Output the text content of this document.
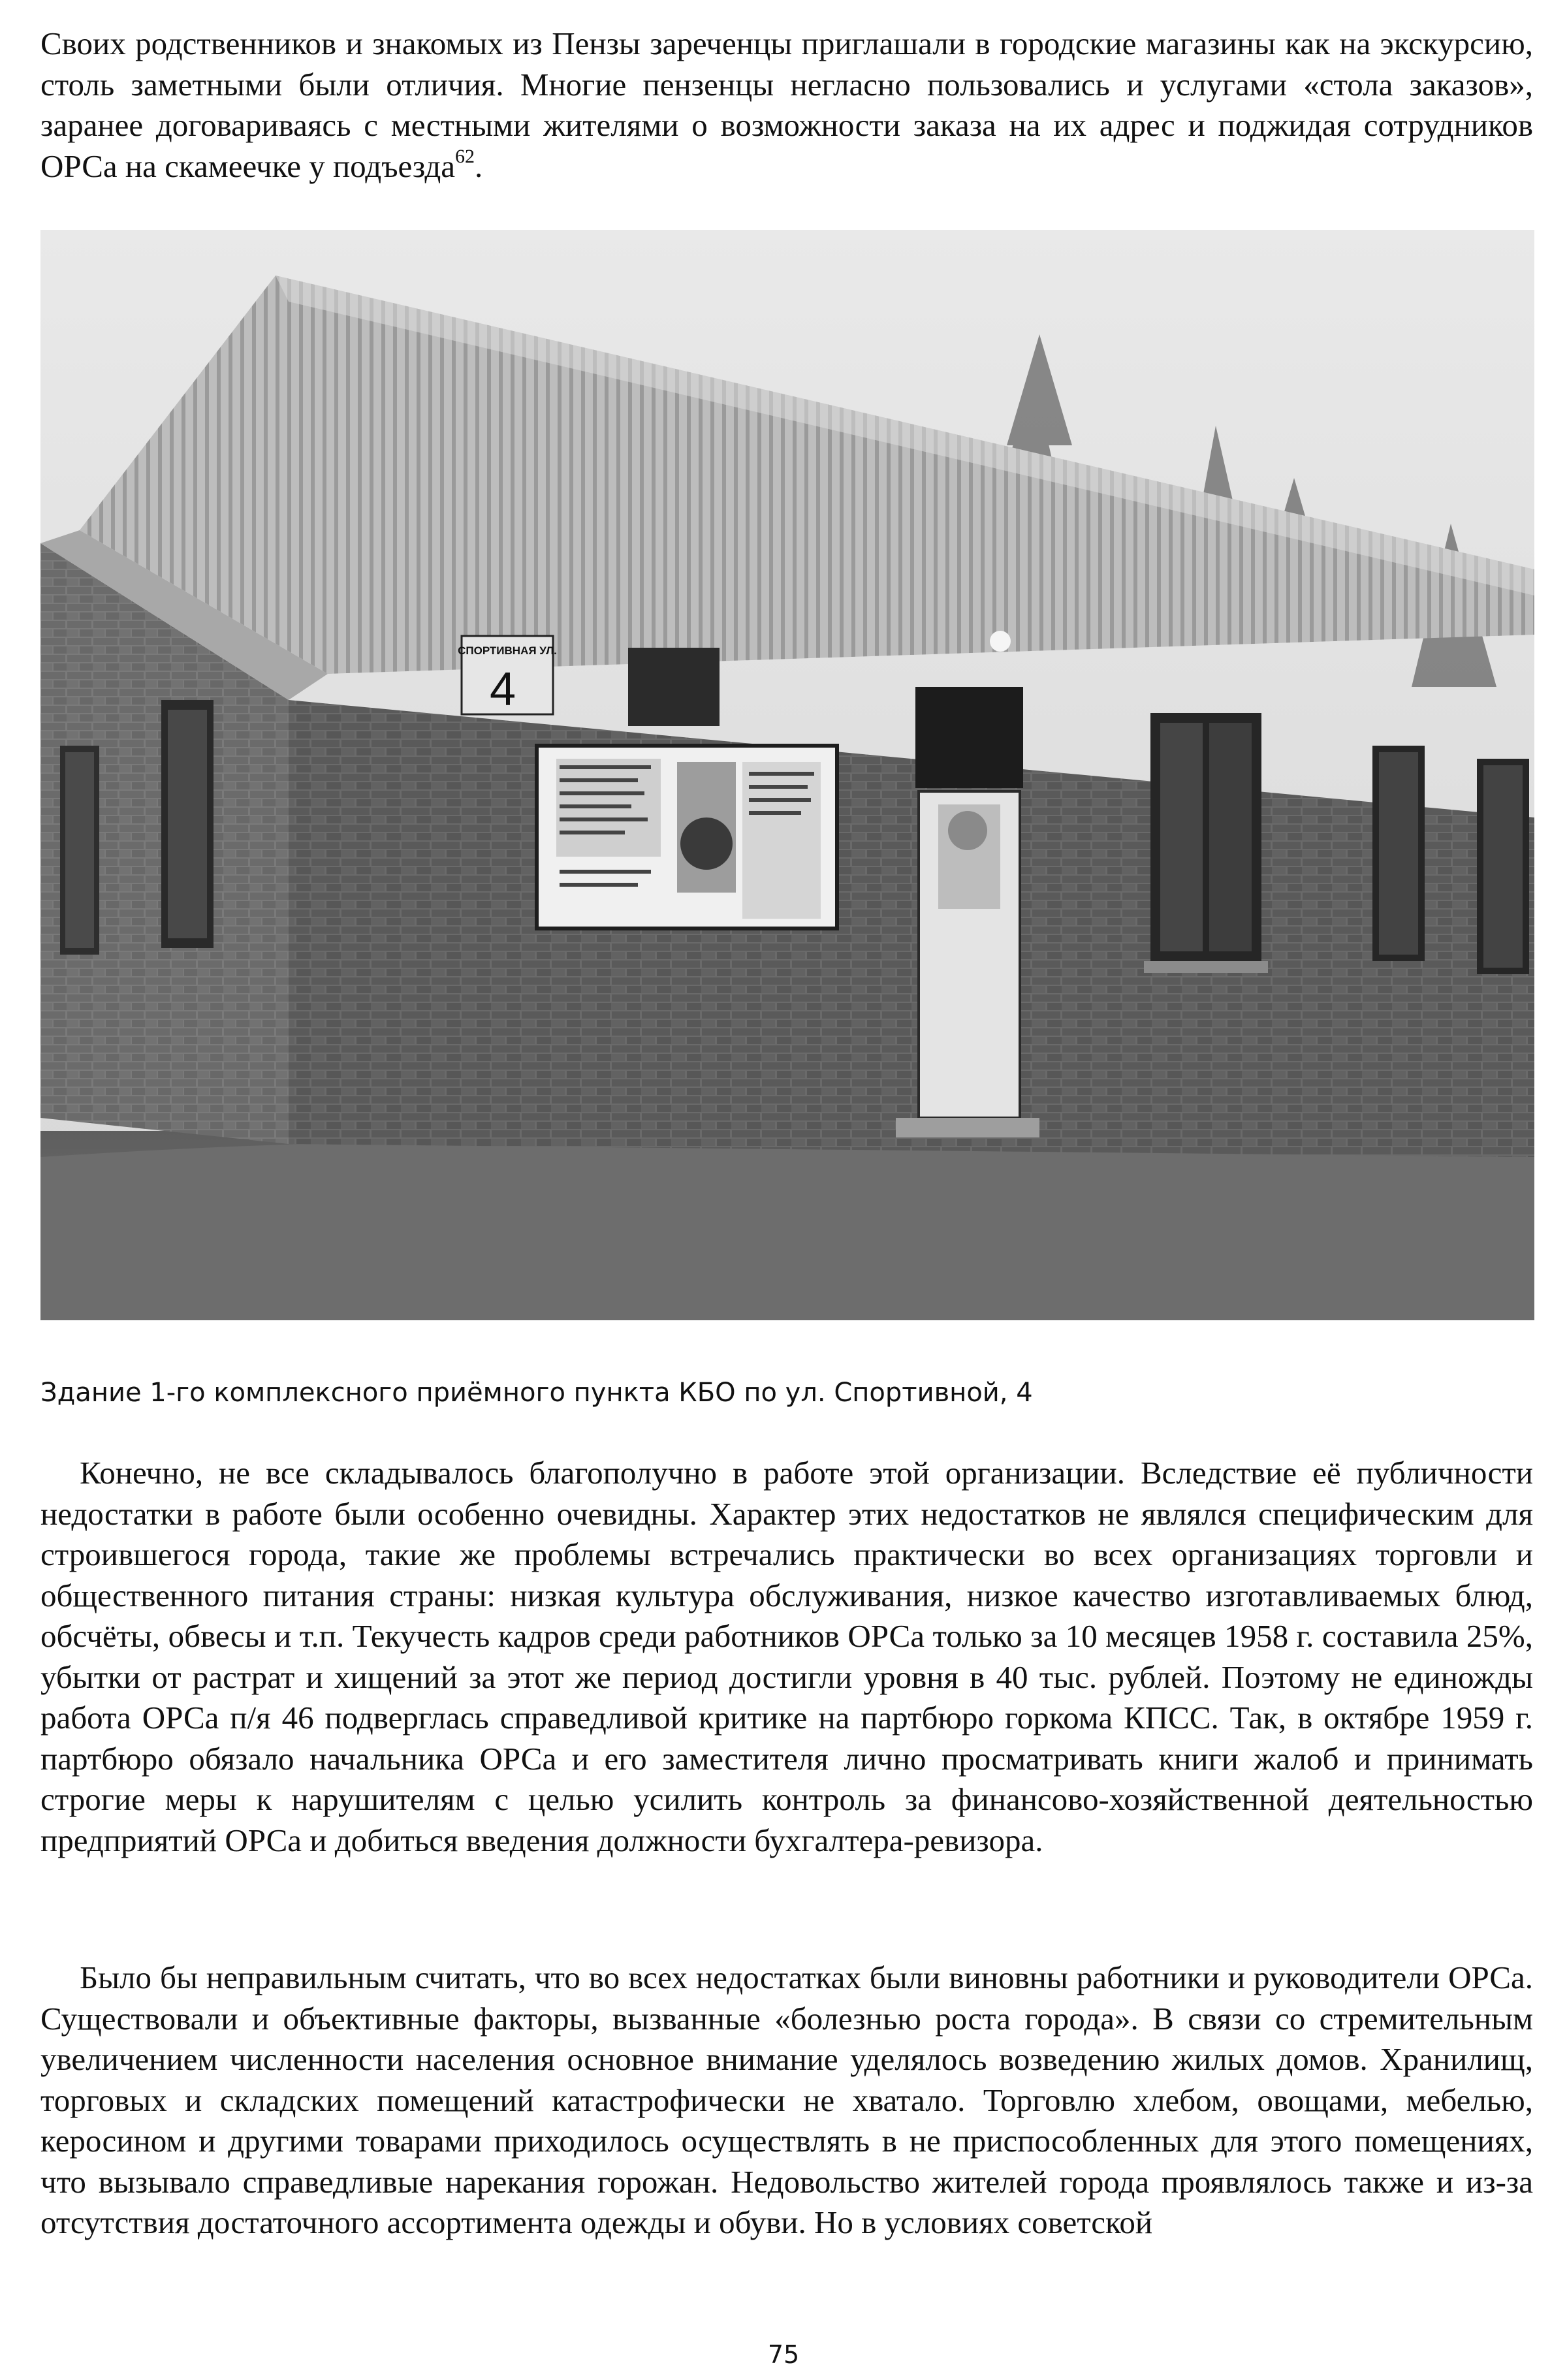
Своих родственников и знакомых из Пензы зареченцы приглашали в городские магазины как на экскурсию, столь заметными были отличия. Многие пензенцы негласно пользовались и услугами «стола заказов», заранее договариваясь с местными жителями о возможности заказа на их адрес и поджидая сотрудников ОРСа на скамеечке у подъезда$^{62}$.

СПОРТИВНАЯ УЛ.
4

Здание 1-го комплексного приёмного пункта КБО по ул. Спортивной, 4

Конечно, не все складывалось благополучно в работе этой организации. Вследствие её публичности недостатки в работе были особенно очевидны. Характер этих недостатков не являлся специфическим для строившегося города, такие же проблемы встречались практически во всех организациях торговли и общественного питания страны: низкая культура обслуживания, низкое качество изготавливаемых блюд, обсчёты, обвесы и т.п. Текучесть кадров среди работников ОРСа только за 10 месяцев 1958 г. составила 25%, убытки от растрат и хищений за этот же период достигли уровня в 40 тыс. рублей. Поэтому не единожды работа ОРСа п/я 46 подверглась справедливой критике на партбюро горкома КПСС. Так, в октябре 1959 г. партбюро обязало начальника ОРСа и его заместителя лично просматривать книги жалоб и принимать строгие меры к нарушителям с целью усилить контроль за финансово-хозяйственной деятельностью предприятий ОРСа и добиться введения должности бухгалтера-ревизора.

Было бы неправильным считать, что во всех недостатках были виновны работники и руководители ОРСа. Существовали и объективные факторы, вызванные «болезнью роста города». В связи со стремительным увеличением численности населения основное внимание уделялось возведению жилых домов. Хранилищ, торговых и складских помещений катастрофически не хватало. Торговлю хлебом, овощами, мебелью, керосином и другими товарами приходилось осуществлять в не приспособленных для этого помещениях, что вызывало справедливые нарекания горожан. Недовольство жителей города проявлялось также и из-за отсутствия достаточного ассортимента одежды и обуви. Но в условиях советской

75
